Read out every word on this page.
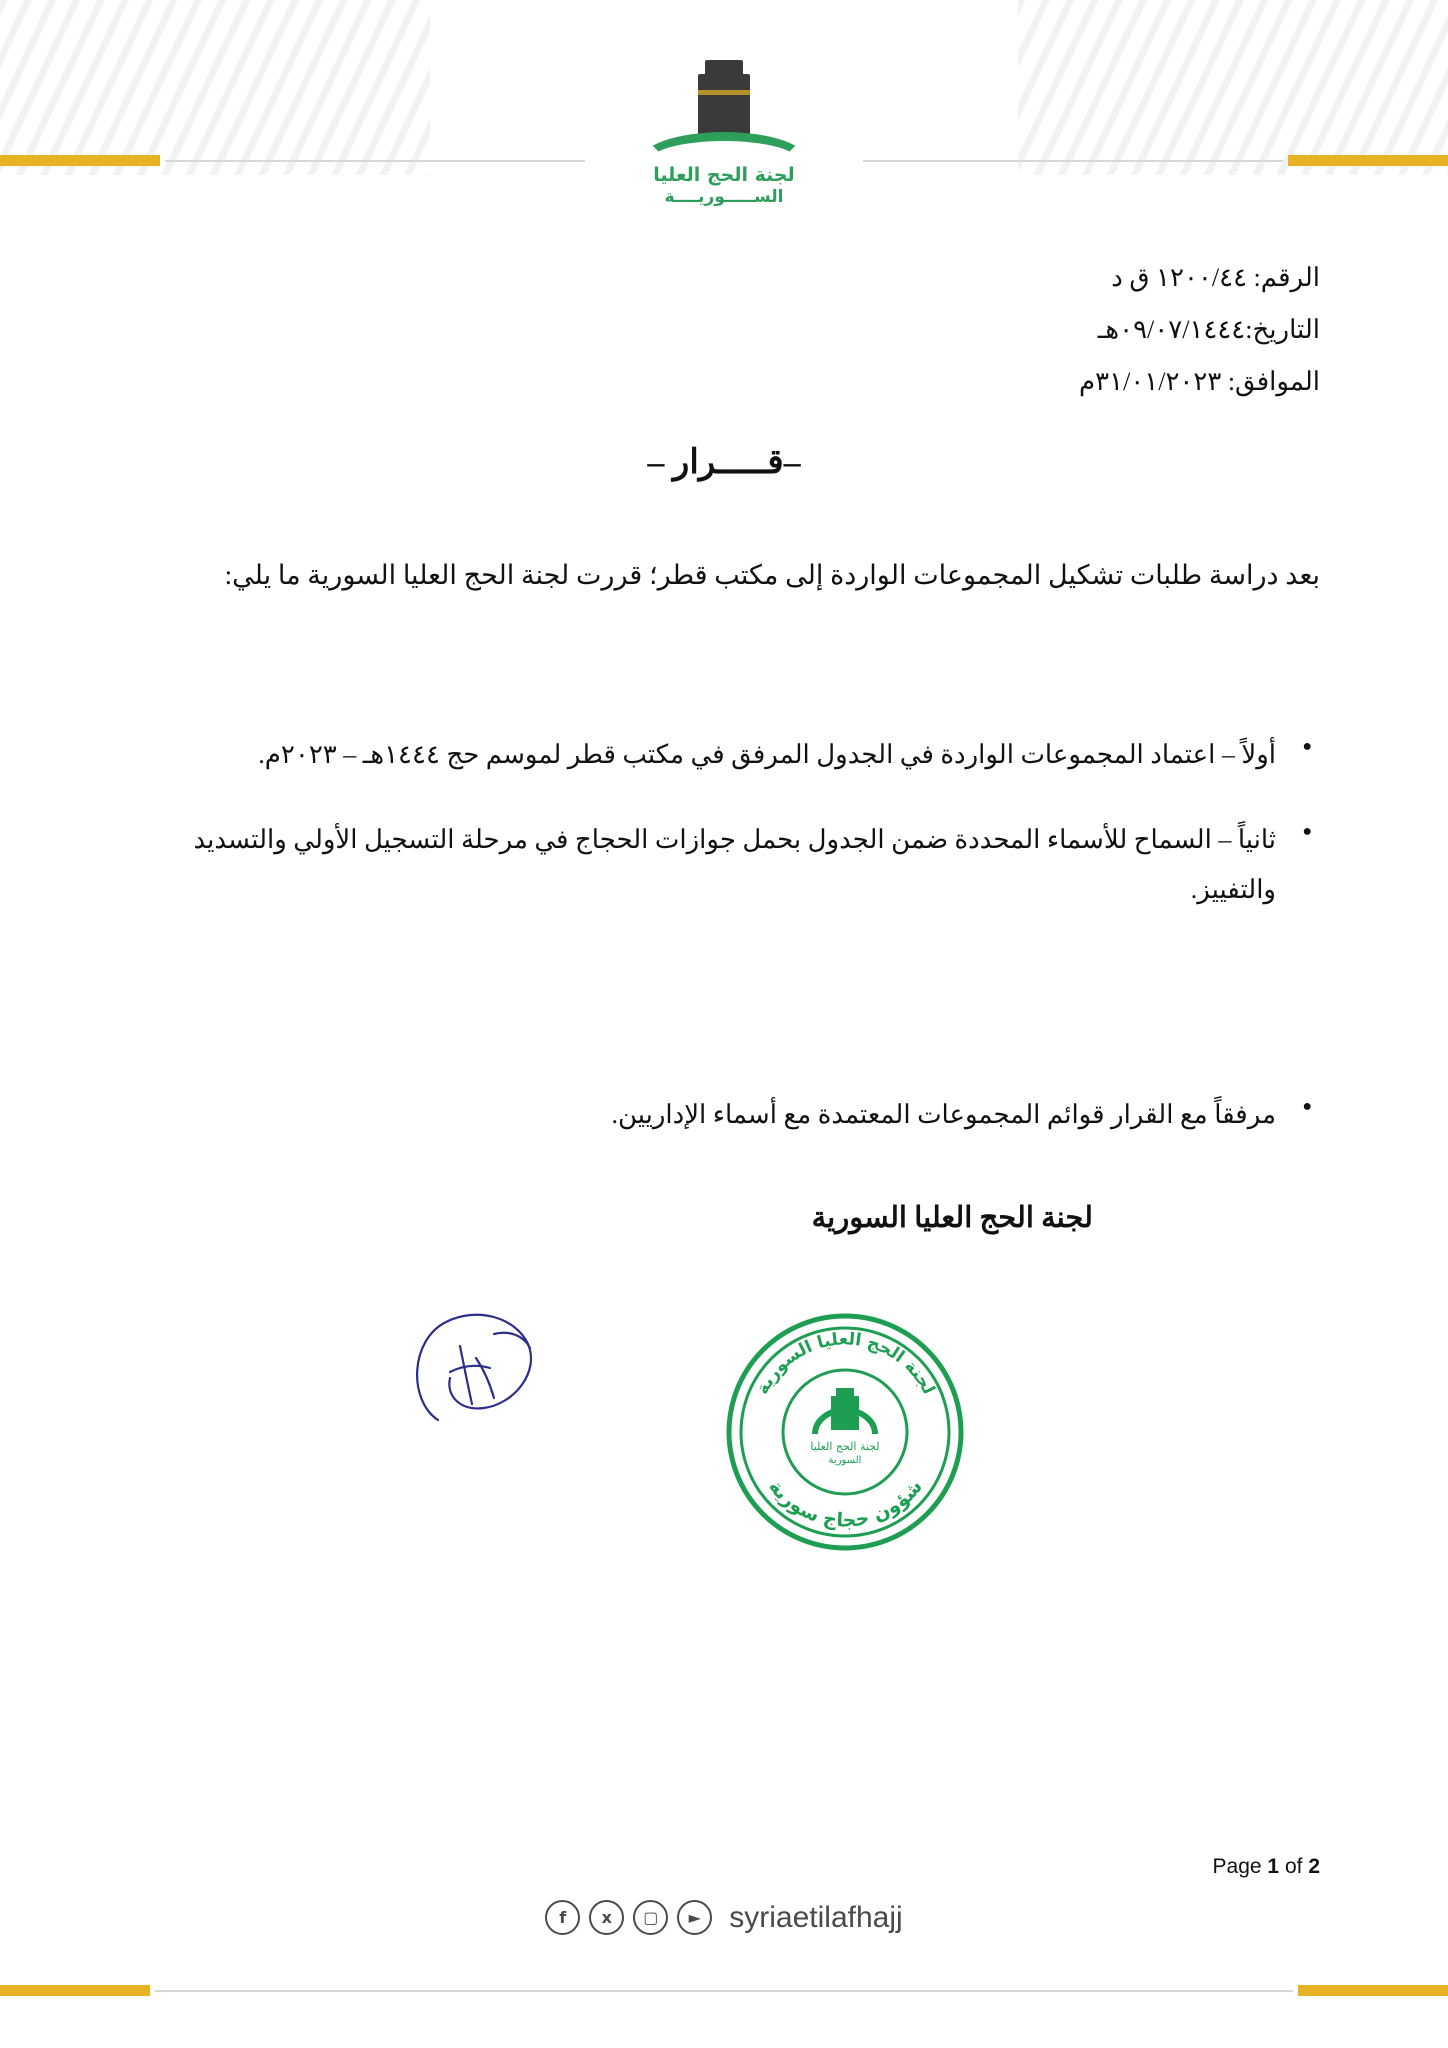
لجنة الحج العليا
الســـــوريــــة
الرقم: ١٢٠٠/٤٤ ق د
التاريخ:٠٩/٠٧/١٤٤٤هـ
الموافق: ٣١/٠١/٢٠٢٣م
–قـــــرار –
بعد دراسة طلبات تشكيل المجموعات الواردة إلى مكتب قطر؛ قررت لجنة الحج العليا السورية ما يلي:
● أولاً – اعتماد المجموعات الواردة في الجدول المرفق في مكتب قطر لموسم حج ١٤٤٤هـ – ٢٠٢٣م.
● ثانياً – السماح للأسماء المحددة ضمن الجدول بحمل جوازات الحجاج في مرحلة التسجيل الأولي والتسديد والتفييز.
● مرفقاً مع القرار قوائم المجموعات المعتمدة مع أسماء الإداريين.
لجنة الحج العليا السورية
لجنة الحج العليا
السورية
لجنة الحج العليا السورية
شؤون حجاج سورية
Page 1 of 2
f	x	▢	► syriaetilafhajj
